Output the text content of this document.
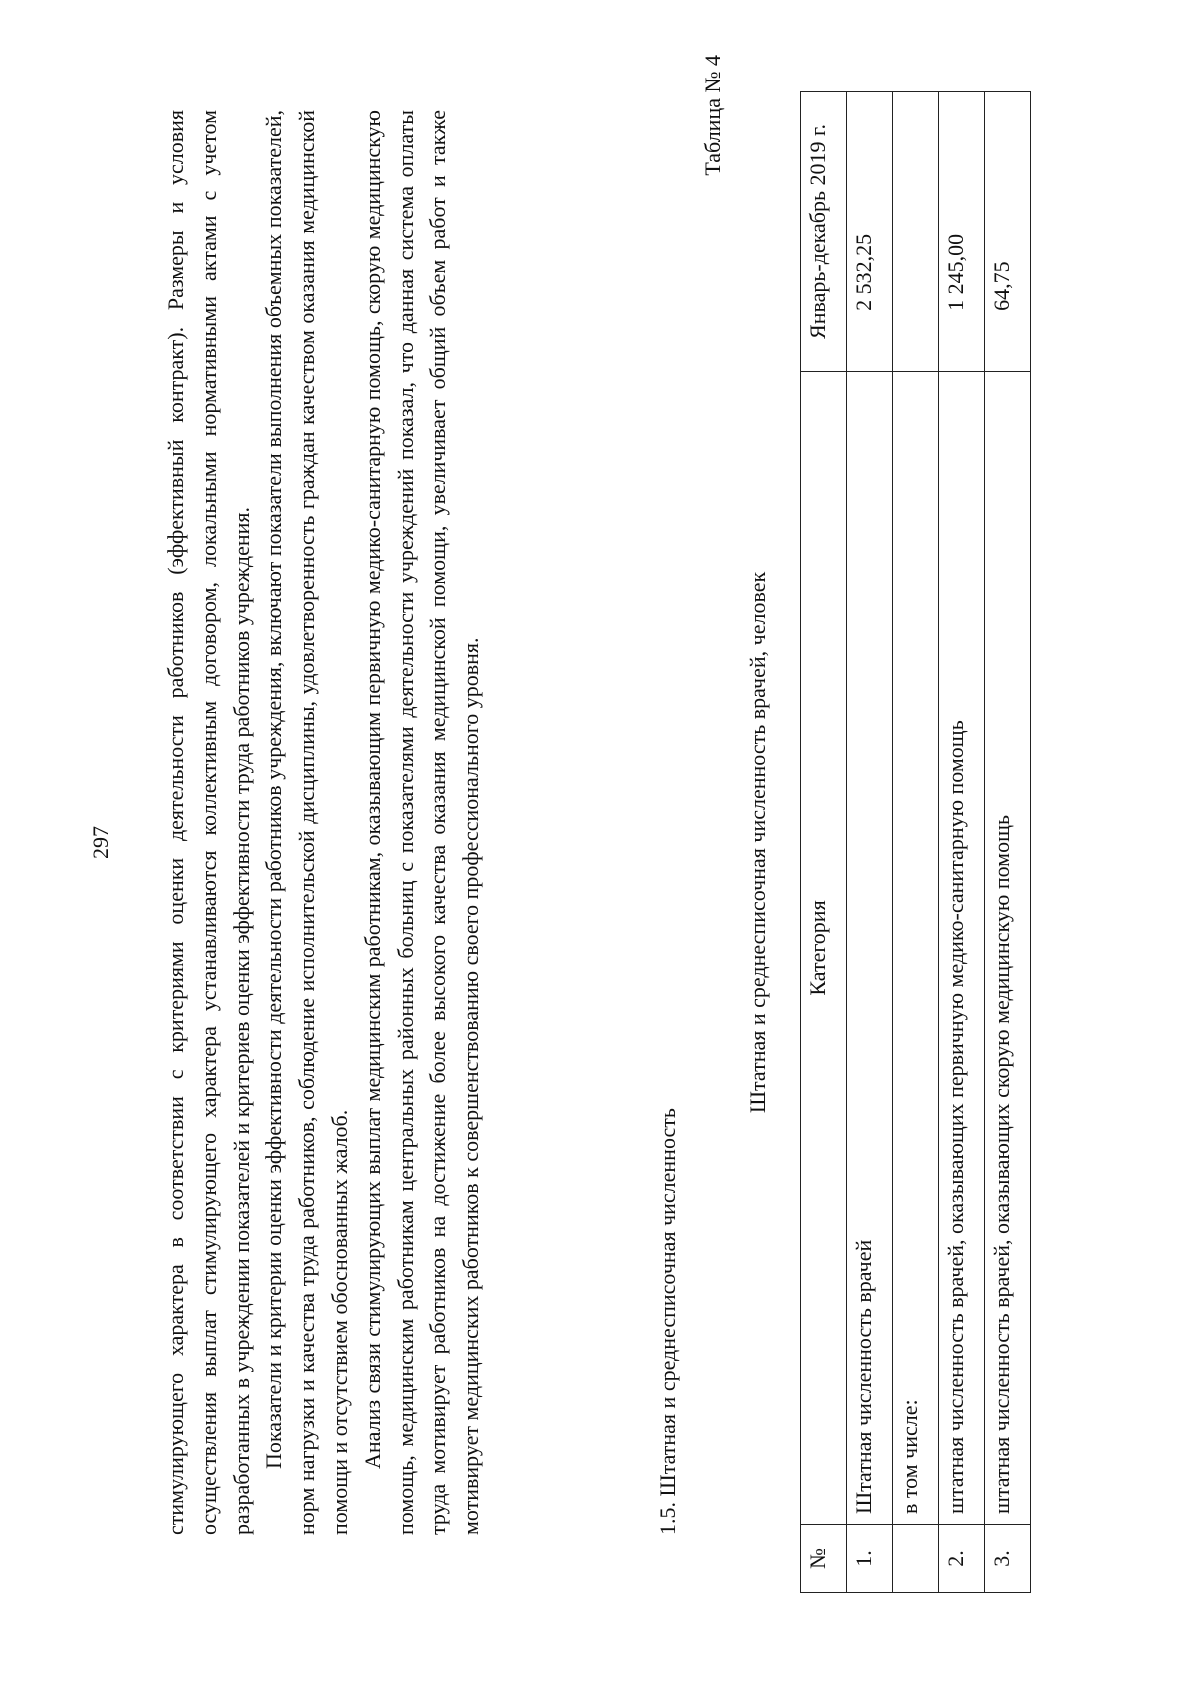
297 стимулирующего характера в соответствии с критериями оценки деятельности работников (эффективный контракт). Размеры и условия осуществления выплат стимулирующего характера устанавливаются коллективным договором, локальными нормативными актами с учетом разработанных в учреждении показателей и критериев оценки эффективности труда работников учреждения. Показатели и критерии оценки эффективности деятельности работников учреждения, включают показатели выполнения объемных показателей, норм нагрузки и качества труда работников, соблюдение исполнительской дисциплины, удовлетворенность граждан качеством оказания медицинской помощи и отсутствием обоснованных жалоб. Анализ связи стимулирующих выплат медицинским работникам, оказывающим первичную медико-санитарную помощь, скорую медицинскую помощь, медицинским работникам центральных районных больниц с показателями деятельности учреждений показал, что данная система оплаты труда мотивирует работников на достижение более высокого качества оказания медицинской помощи, увеличивает общий объем работ и также мотивирует медицинских работников к совершенствованию своего профессионального уровня.	1.5. Штатная и среднесписочная численность
Таблица № 4
Штатная и среднесписочная численность врачей, человек
№	Категория	Январь-декабрь 2019 г.
1.	Штатная численность врачей	2 532,25
	в том числе:	
2.	штатная численность врачей, оказывающих первичную медико-санитарную помощь	1 245,00
3.	штатная численность врачей, оказывающих скорую медицинскую помощь	64,75
